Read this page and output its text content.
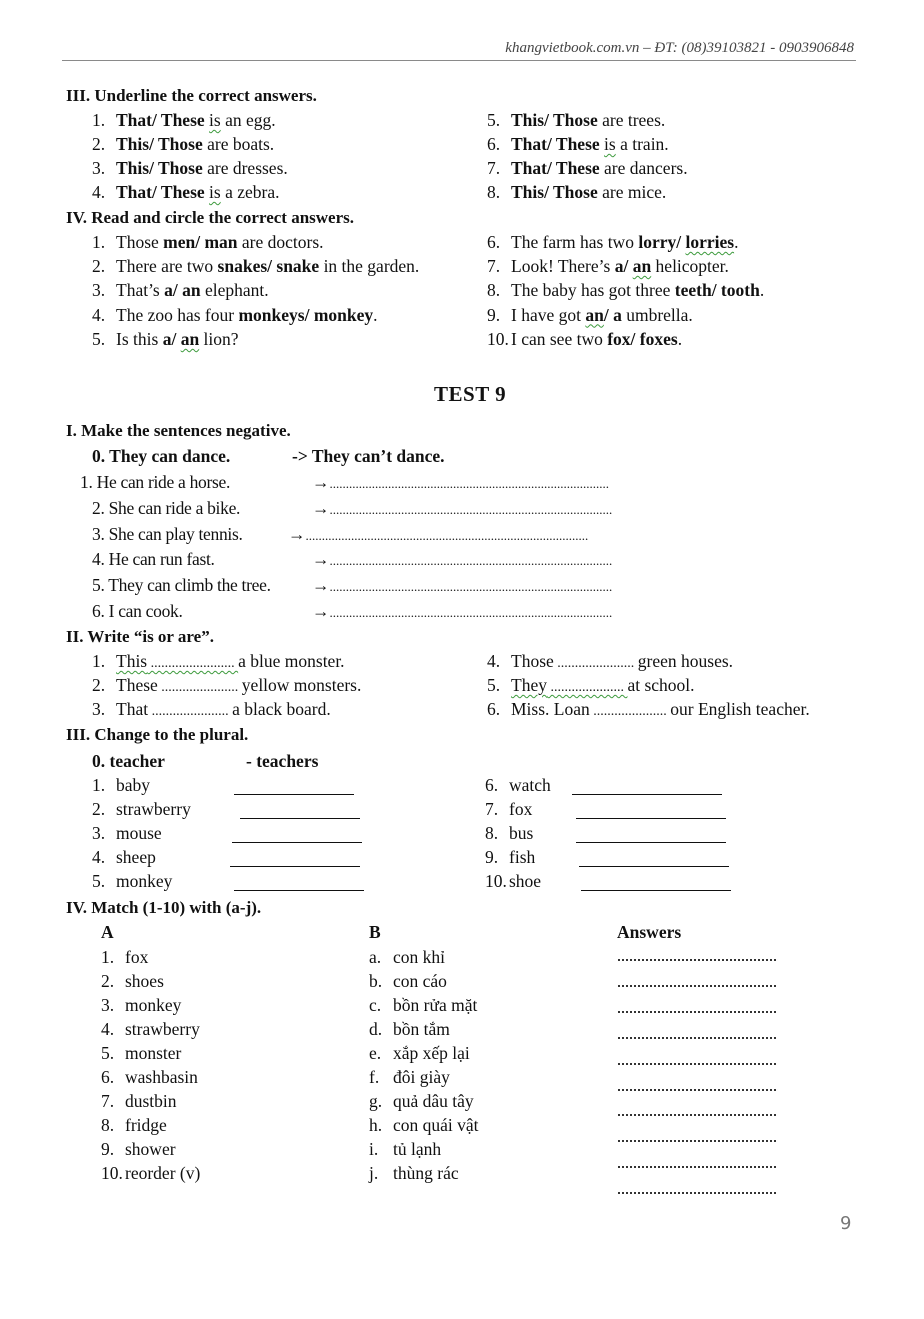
khangvietbook.com.vn – ĐT: (08)39103821 - 0903906848
III. Underline the correct answers.
1. That/ These is an egg.
2. This/ Those are boats.
3. This/ Those are dresses.
4. That/ These is a zebra.
5. This/ Those are trees.
6. That/ These is a train.
7. That/ These are dancers.
8. This/ Those are mice.
IV. Read and circle the correct answers.
1. Those men/ man are doctors.
2. There are two snakes/ snake in the garden.
3. That’s a/ an elephant.
4. The zoo has four monkeys/ monkey.
5. Is this a/ an lion?
6. The farm has two lorry/ lorries.
7. Look! There’s a/ an helicopter.
8. The baby has got three teeth/ tooth.
9. I have got an/ a umbrella.
10. I can see two fox/ foxes.
TEST 9
I. Make the sentences negative.
0. They can dance.	-> They can’t dance.
1. He can ride a horse.	→......................................................................................
2. She can ride a bike.	→.......................................................................................
3. She can play tennis.	→.......................................................................................
4. He can run fast.	→.......................................................................................
5. They can climb the tree. →.......................................................................................
6. I can cook.	→.......................................................................................
II. Write “is or are”.
1. This ........................ a blue monster.
2. These ...................... yellow monsters.
3. That ...................... a black board.
4. Those ...................... green houses.
5. They ..................... at school.
6. Miss. Loan ..................... our English teacher.
III. Change to the plural.
0. teacher	- teachers
1. baby
2. strawberry
3. mouse
4. sheep
5. monkey
6. watch
7. fox
8. bus
9. fish
10. shoe
IV. Match (1-10) with (a-j).
A	B	Answers
1. fox	a. con khỉ
2. shoes	b. con cáo
3. monkey	c. bồn rửa mặt
4. strawberry	d. bồn tắm
5. monster	e. xắp xếp lại
6. washbasin	f. đôi giày
7. dustbin	g. quả dâu tây
8. fridge	h. con quái vật
9. shower	i. tủ lạnh
10. reorder (v)	j. thùng rác
9
